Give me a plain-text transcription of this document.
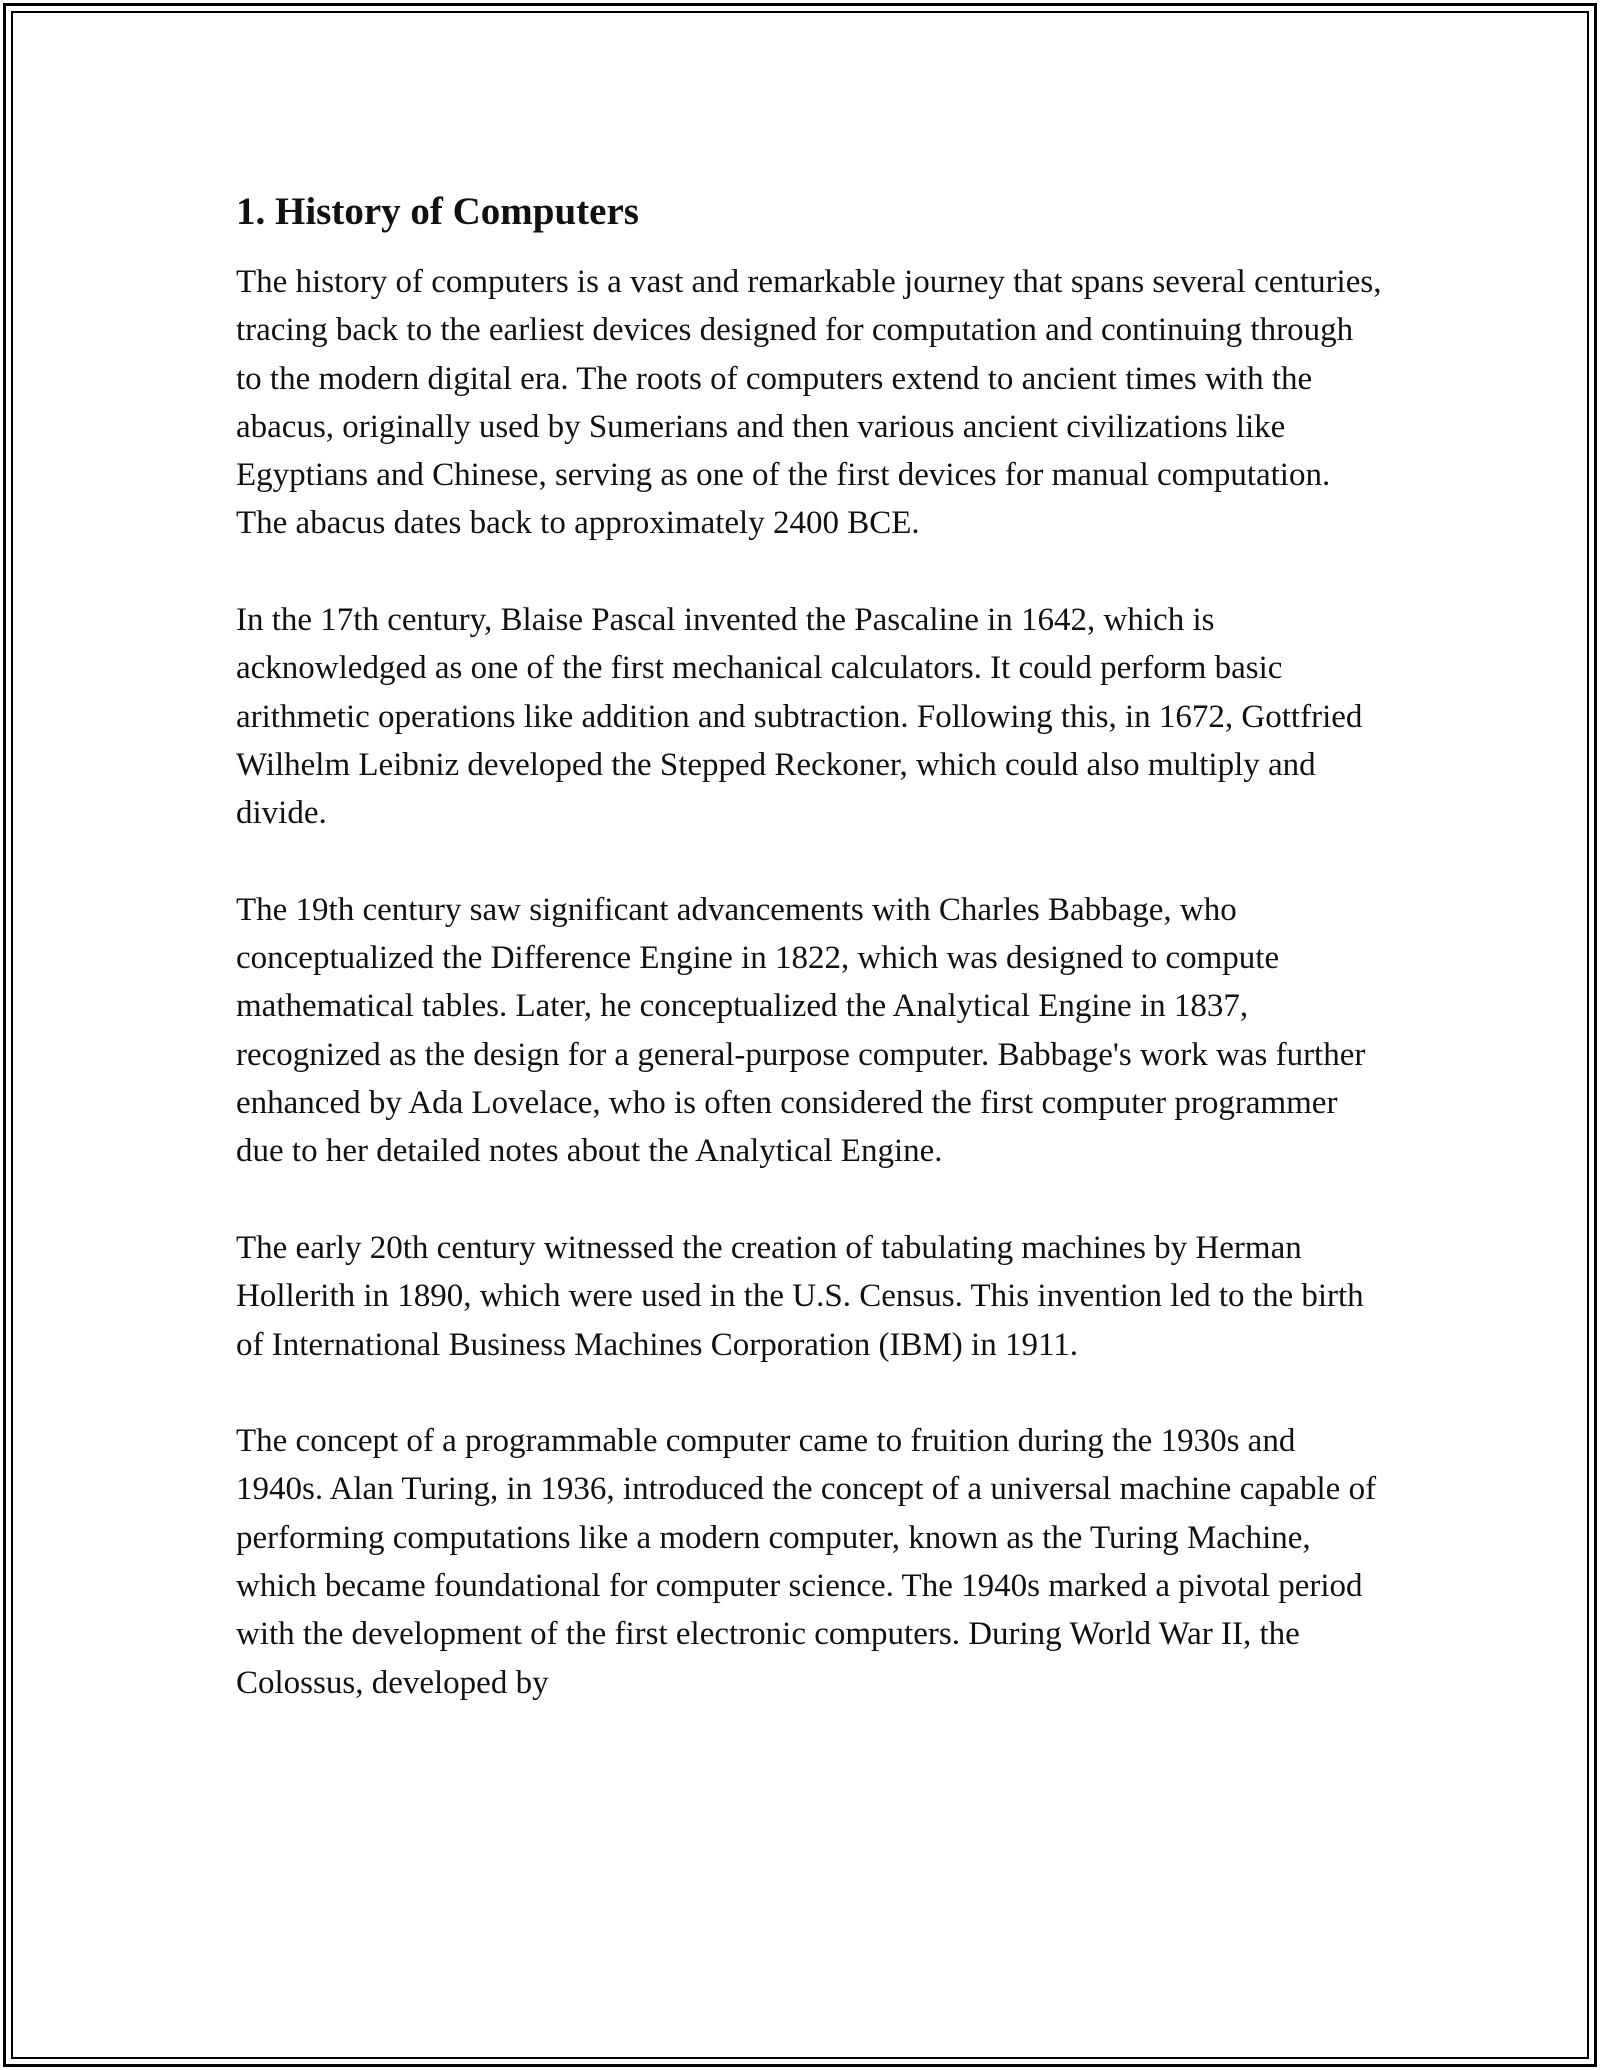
1. History of Computers

The history of computers is a vast and remarkable journey that spans several centuries, tracing back to the earliest devices designed for computation and continuing through to the modern digital era. The roots of computers extend to ancient times with the abacus, originally used by Sumerians and then various ancient civilizations like Egyptians and Chinese, serving as one of the first devices for manual computation. The abacus dates back to approximately 2400 BCE.

In the 17th century, Blaise Pascal invented the Pascaline in 1642, which is acknowledged as one of the first mechanical calculators. It could perform basic arithmetic operations like addition and subtraction. Following this, in 1672, Gottfried Wilhelm Leibniz developed the Stepped Reckoner, which could also multiply and divide.

The 19th century saw significant advancements with Charles Babbage, who conceptualized the Difference Engine in 1822, which was designed to compute mathematical tables. Later, he conceptualized the Analytical Engine in 1837, recognized as the design for a general-purpose computer. Babbage's work was further enhanced by Ada Lovelace, who is often considered the first computer programmer due to her detailed notes about the Analytical Engine.

The early 20th century witnessed the creation of tabulating machines by Herman Hollerith in 1890, which were used in the U.S. Census. This invention led to the birth of International Business Machines Corporation (IBM) in 1911.

The concept of a programmable computer came to fruition during the 1930s and 1940s. Alan Turing, in 1936, introduced the concept of a universal machine capable of performing computations like a modern computer, known as the Turing Machine, which became foundational for computer science. The 1940s marked a pivotal period with the development of the first electronic computers. During World War II, the Colossus, developed by
